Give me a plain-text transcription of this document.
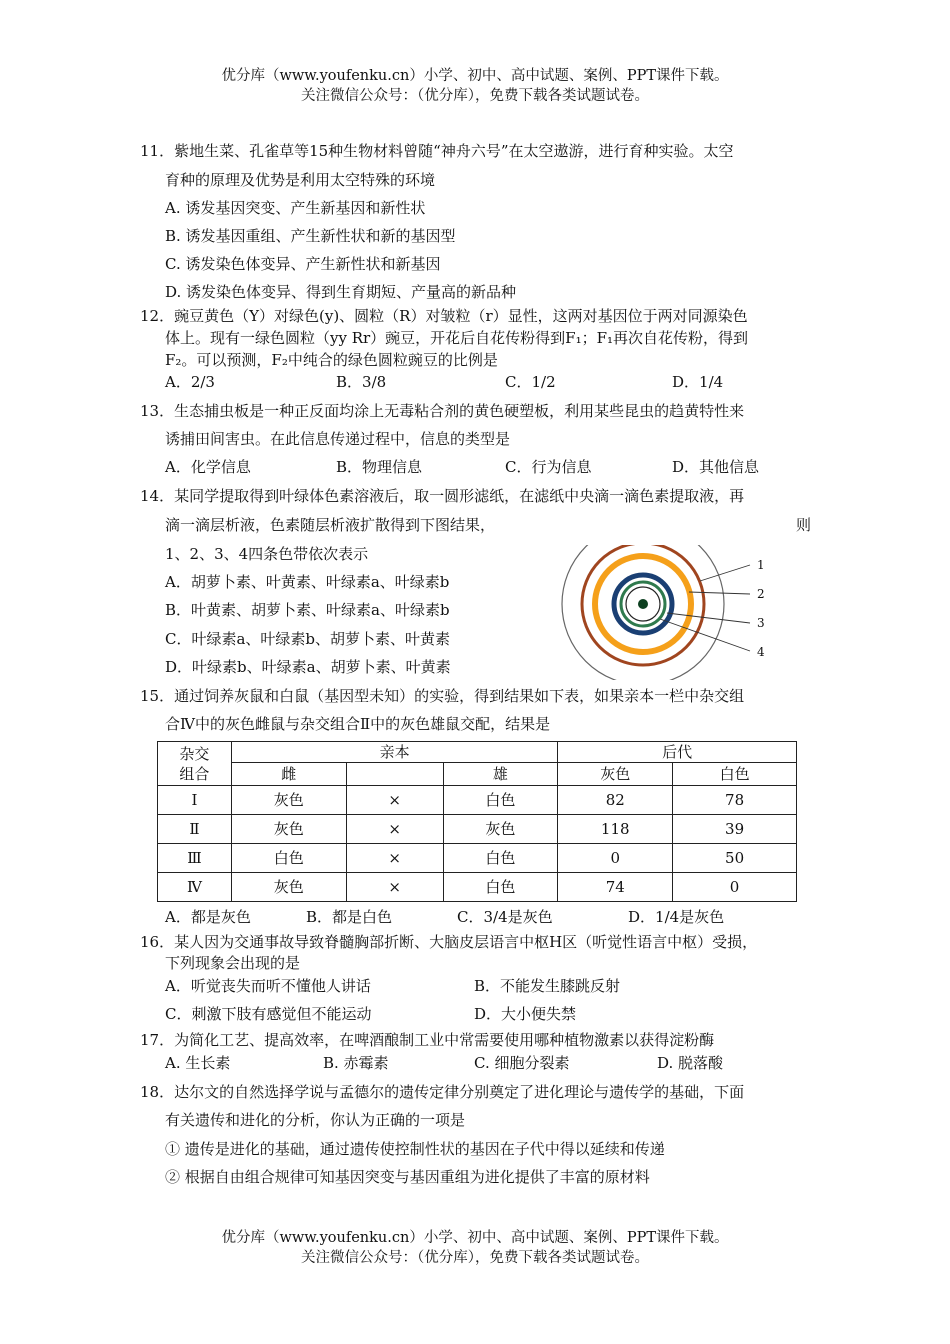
优分库（www.youfenku.cn）小学、初中、高中试题、案例、PPT课件下载。
关注微信公众号：（优分库），免费下载各类试题试卷。
11．紫地生菜、孔雀草等15种生物材料曾随“神舟六号”在太空遨游，进行育种实验。太空
育种的原理及优势是利用太空特殊的环境
A. 诱发基因突变、产生新基因和新性状
B. 诱发基因重组、产生新性状和新的基因型
C. 诱发染色体变异、产生新性状和新基因
D. 诱发染色体变异、得到生育期短、产量高的新品种
12．豌豆黄色（Y）对绿色(y)、圆粒（R）对皱粒（r）显性，这两对基因位于两对同源染色
体上。现有一绿色圆粒（yy Rr）豌豆，开花后自花传粉得到F₁；F₁再次自花传粉，得到
F₂。可以预测，F₂中纯合的绿色圆粒豌豆的比例是
A．2/3	B．3/8	C．1/2	D．1/4
13．生态捕虫板是一种正反面均涂上无毒粘合剂的黄色硬塑板，利用某些昆虫的趋黄特性来
诱捕田间害虫。在此信息传递过程中，信息的类型是
A．化学信息	B．物理信息	C．行为信息	D．其他信息
14．某同学提取得到叶绿体色素溶液后，取一圆形滤纸，在滤纸中央滴一滴色素提取液，再
滴一滴层析液，色素随层析液扩散得到下图结果，	则
1、2、3、4四条色带依次表示
A．胡萝卜素、叶黄素、叶绿素a、叶绿素b
B．叶黄素、胡萝卜素、叶绿素a、叶绿素b
C．叶绿素a、叶绿素b、胡萝卜素、叶黄素
D．叶绿素b、叶绿素a、胡萝卜素、叶黄素
1
2
3
4
15．通过饲养灰鼠和白鼠（基因型未知）的实验，得到结果如下表，如果亲本一栏中杂交组
合Ⅳ中的灰色雌鼠与杂交组合Ⅱ中的灰色雄鼠交配，结果是
杂交
组合	亲本			后代	
	雌		雄	灰色	白色
Ⅰ	灰色	×	白色	82	78
Ⅱ	灰色	×	灰色	118	39
Ⅲ	白色	×	白色	0	50
Ⅳ	灰色	×	白色	74	0
A．都是灰色	B．都是白色	C．3/4是灰色	D．1/4是灰色
16．某人因为交通事故导致脊髓胸部折断、大脑皮层语言中枢H区（听觉性语言中枢）受损，
下列现象会出现的是
A．听觉丧失而听不懂他人讲话	B．不能发生膝跳反射
C．刺激下肢有感觉但不能运动	D．大小便失禁
17．为简化工艺、提高效率，在啤酒酿制工业中常需要使用哪种植物激素以获得淀粉酶
A. 生长素	B. 赤霉素	C. 细胞分裂素	D. 脱落酸
18．达尔文的自然选择学说与孟德尔的遗传定律分别奠定了进化理论与遗传学的基础，下面
有关遗传和进化的分析，你认为正确的一项是
① 遗传是进化的基础，通过遗传使控制性状的基因在子代中得以延续和传递
② 根据自由组合规律可知基因突变与基因重组为进化提供了丰富的原材料
优分库（www.youfenku.cn）小学、初中、高中试题、案例、PPT课件下载。
关注微信公众号：（优分库），免费下载各类试题试卷。
